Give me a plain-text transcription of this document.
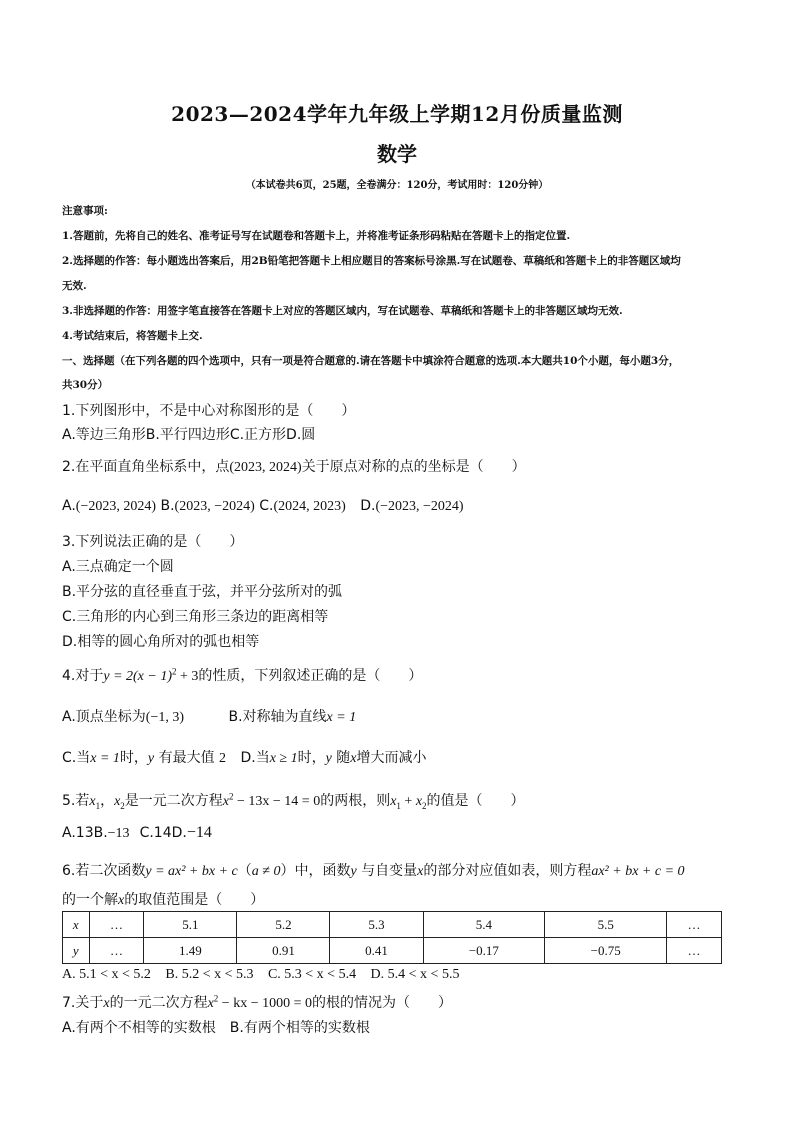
2023—2024学年九年级上学期12月份质量监测
数学
（本试卷共6页，25题，全卷满分：120分，考试用时：120分钟）
注意事项:
1.答题前，先将自己的姓名、准考证号写在试题卷和答题卡上，并将准考证条形码粘贴在答题卡上的指定位置.
2.选择题的作答：每小题选出答案后，用2B铅笔把答题卡上相应题目的答案标号涂黑.写在试题卷、草稿纸和答题卡上的非答题区域均
无效.
3.非选择题的作答：用签字笔直接答在答题卡上对应的答题区域内，写在试题卷、草稿纸和答题卡上的非答题区域均无效.
4.考试结束后，将答题卡上交.
一、选择题（在下列各题的四个选项中，只有一项是符合题意的.请在答题卡中填涂符合题意的选项.本大题共10个小题，每小题3分，
共30分）
1.下列图形中，不是中心对称图形的是（　　）
A.等边三角形B.平行四边形C.正方形D.圆
2.在平面直角坐标系中，点(2023, 2024)关于原点对称的点的坐标是（　　）
A.(−2023, 2024) B.(2023, −2024) C.(2024, 2023) D.(−2023, −2024)
3.下列说法正确的是（　　）
A.三点确定一个圆
B.平分弦的直径垂直于弦，并平分弦所对的弧
C.三角形的内心到三角形三条边的距离相等
D.相等的圆心角所对的弧也相等
4.对于$y = 2(x - 1)^2 + 3$的性质，下列叙述正确的是（　　）
A.顶点坐标为(−1, 3)	B.对称轴为直线x = 1
C.当x = 1时，y 有最大值 2 D.当x ≥ 1时，y 随x增大而减小
5.若$x_1$，$x_2$是一元二次方程$x^2 - 13x - 14 = 0$的两根，则$x_1 + x_2$的值是（　　）
A.13B.−13 C.14D.−14
6.若二次函数y = ax² + bx + c（a ≠ 0）中，函数y 与自变量x的部分对应值如表，则方程ax² + bx + c = 0
的一个解x的取值范围是（　　）
x	…	5.1	5.2	5.3	5.4	5.5	…
y	…	1.49	0.91	0.41	−0.17	−0.75	…
A. 5.1 < x < 5.2 B. 5.2 < x < 5.3 C. 5.3 < x < 5.4 D. 5.4 < x < 5.5
7.关于x的一元二次方程$x^2$ − kx − 1000 = 0的根的情况为（　　）
A.有两个不相等的实数根　B.有两个相等的实数根
